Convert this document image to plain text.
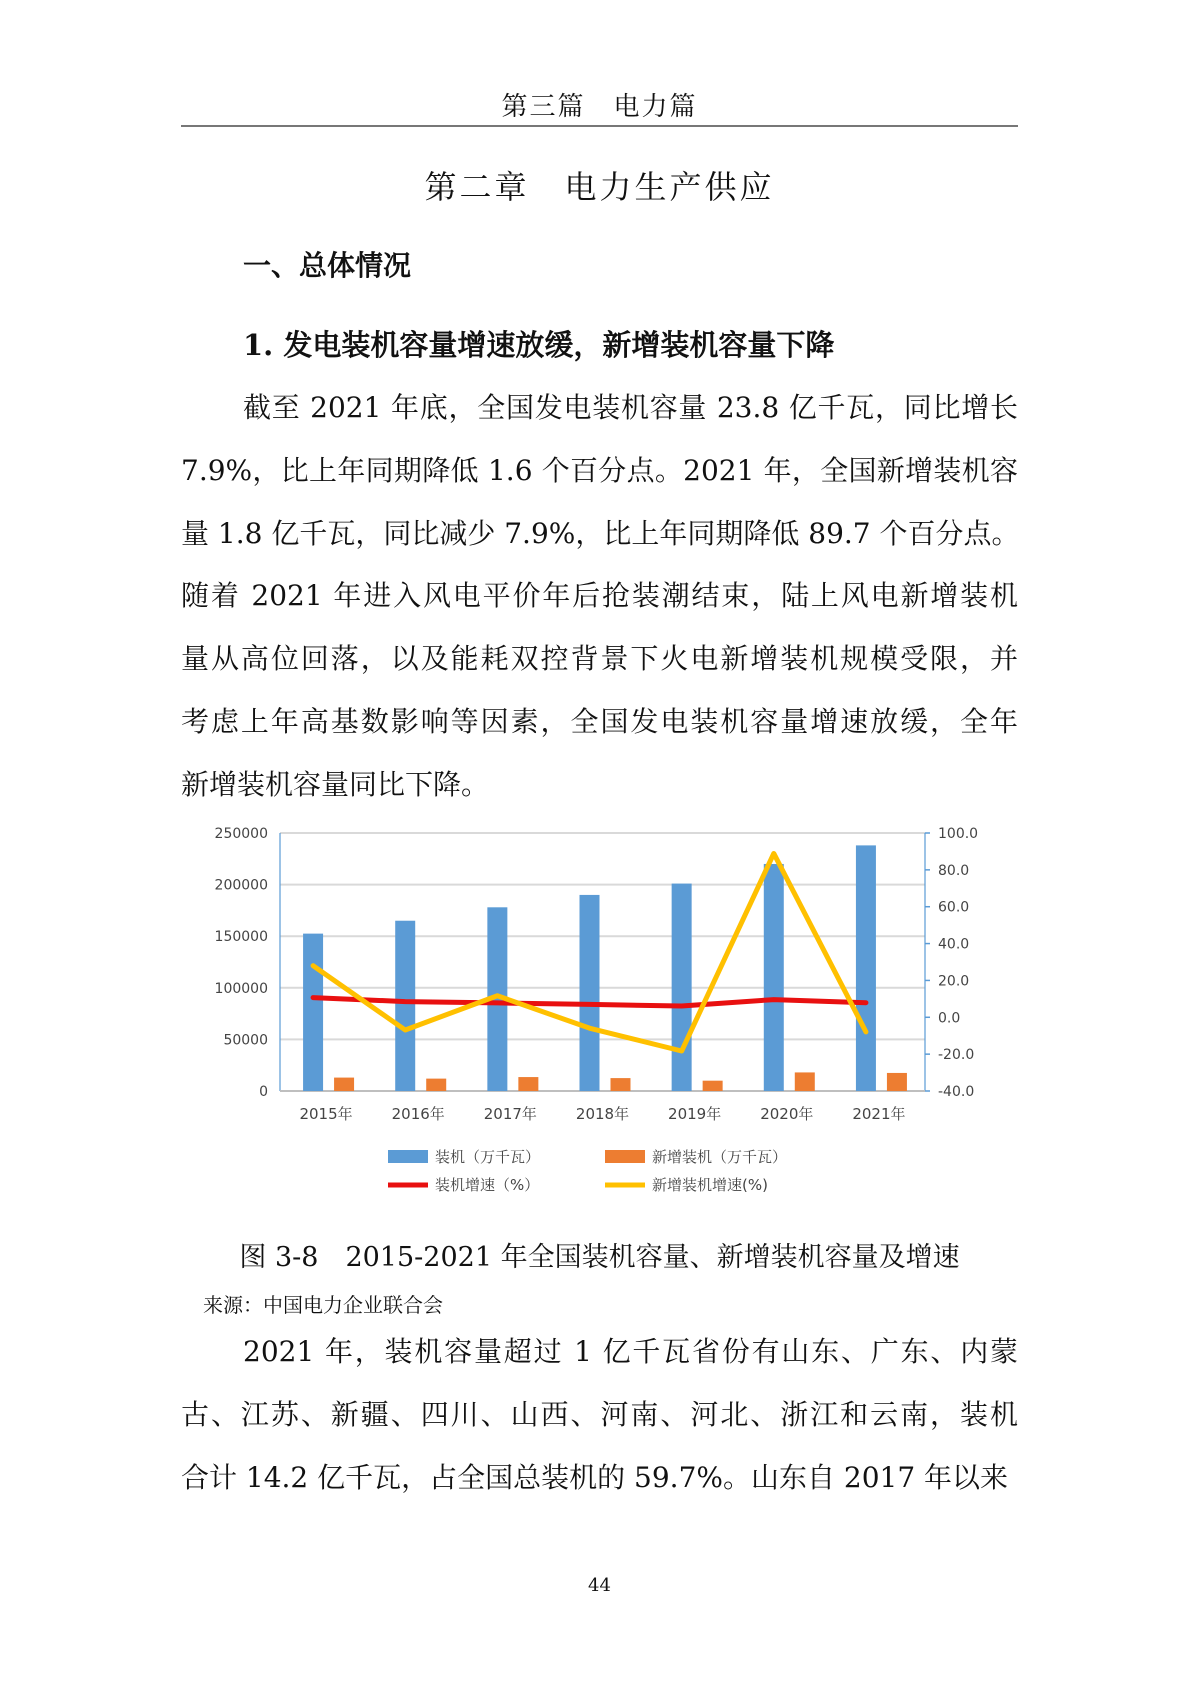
第三篇　电力篇
第二章　电力生产供应
一、总体情况
1. 发电装机容量增速放缓，新增装机容量下降
截至 2021 年底，全国发电装机容量 23.8 亿千瓦，同比增长
7.9%，比上年同期降低 1.6 个百分点。2021 年，全国新增装机容
量 1.8 亿千瓦，同比减少 7.9%，比上年同期降低 89.7 个百分点。
随着 2021 年进入风电平价年后抢装潮结束，陆上风电新增装机
量从高位回落，以及能耗双控背景下火电新增装机规模受限，并
考虑上年高基数影响等因素，全国发电装机容量增速放缓，全年
新增装机容量同比下降。
0
50000
100000
150000
200000
250000
-40.0
-20.0
0.0
20.0
40.0
60.0
80.0
100.0
2015年	2016年	2017年	2018年	2019年	2020年	2021年
装机（万千瓦）	新增装机（万千瓦）
装机增速（%）	新增装机增速(%)
图 3-8　2015-2021 年全国装机容量、新增装机容量及增速
来源：中国电力企业联合会
2021 年，装机容量超过 1 亿千瓦省份有山东、广东、内蒙
古、江苏、新疆、四川、山西、河南、河北、浙江和云南，装机
合计 14.2 亿千瓦，占全国总装机的 59.7%。山东自 2017 年以来
44
